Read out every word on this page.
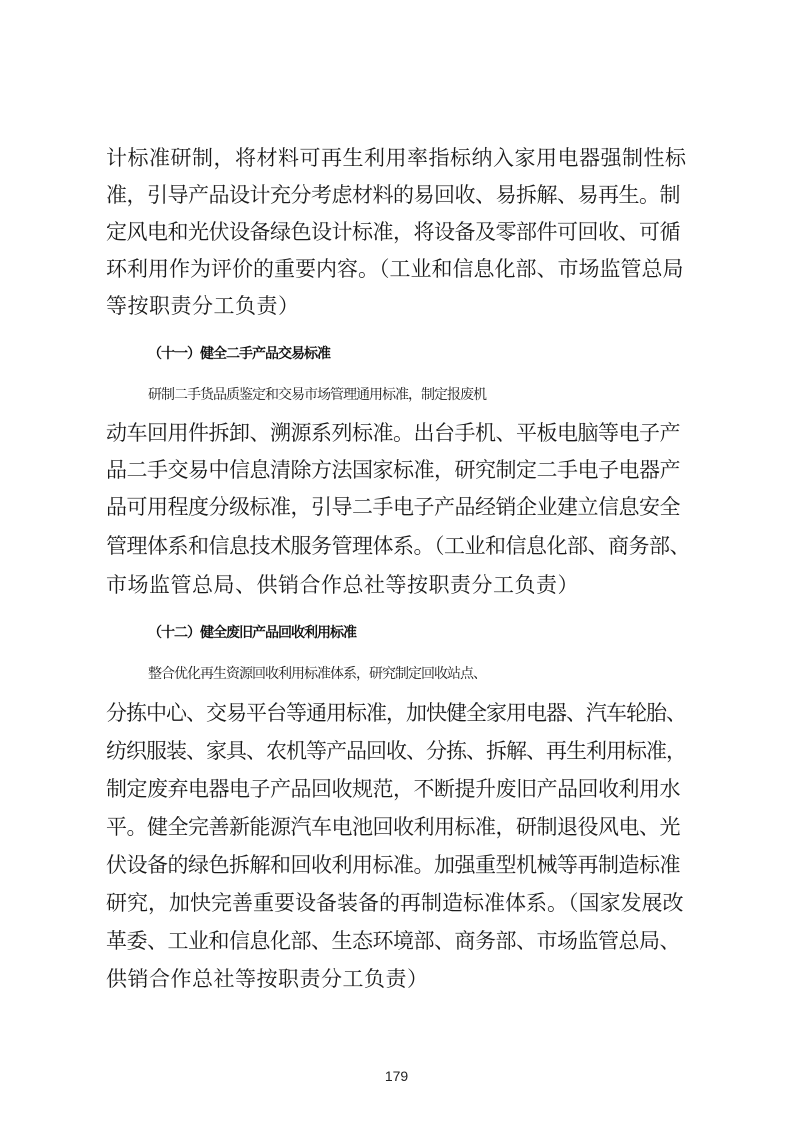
计标准研制，将材料可再生利用率指标纳入家用电器强制性标
准，引导产品设计充分考虑材料的易回收、易拆解、易再生。制
定风电和光伏设备绿色设计标准，将设备及零部件可回收、可循
环利用作为评价的重要内容。（工业和信息化部、市场监管总局
等按职责分工负责）
（十一）健全二手产品交易标准
研制二手货品质鉴定和交易市场管理通用标准，制定报废机
动车回用件拆卸、溯源系列标准。出台手机、平板电脑等电子产
品二手交易中信息清除方法国家标准，研究制定二手电子电器产
品可用程度分级标准，引导二手电子产品经销企业建立信息安全
管理体系和信息技术服务管理体系。（工业和信息化部、商务部、
市场监管总局、供销合作总社等按职责分工负责）
（十二）健全废旧产品回收利用标准
整合优化再生资源回收利用标准体系，研究制定回收站点、
分拣中心、交易平台等通用标准，加快健全家用电器、汽车轮胎、
纺织服装、家具、农机等产品回收、分拣、拆解、再生利用标准，
制定废弃电器电子产品回收规范，不断提升废旧产品回收利用水
平。健全完善新能源汽车电池回收利用标准，研制退役风电、光
伏设备的绿色拆解和回收利用标准。加强重型机械等再制造标准
研究，加快完善重要设备装备的再制造标准体系。（国家发展改
革委、工业和信息化部、生态环境部、商务部、市场监管总局、
供销合作总社等按职责分工负责）
179
